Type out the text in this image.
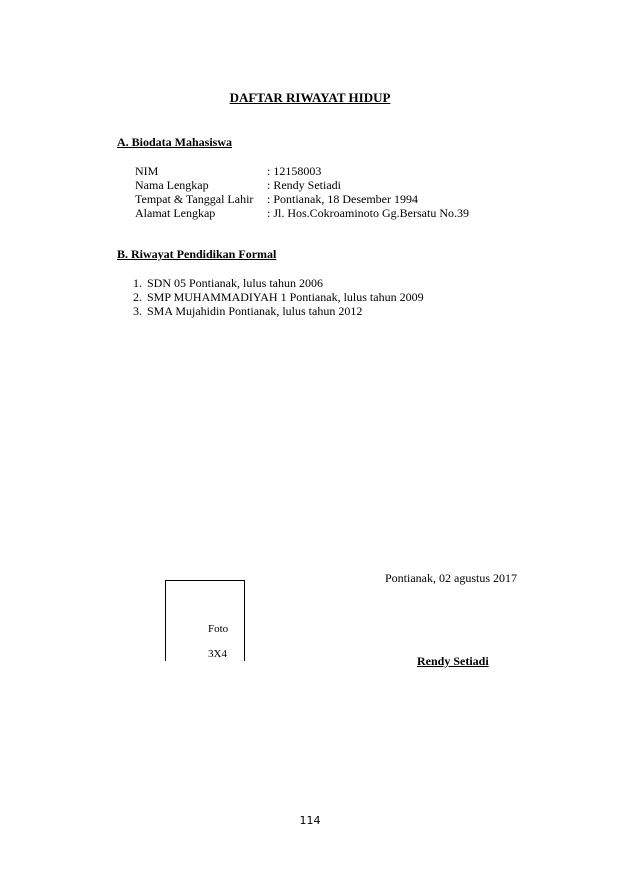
DAFTAR RIWAYAT HIDUP
A. Biodata Mahasiswa
NIM	: 12158003
Nama Lengkap	: Rendy Setiadi
Tempat & Tanggal Lahir : Pontianak, 18 Desember 1994
Alamat Lengkap	: Jl. Hos.Cokroaminoto Gg.Bersatu No.39
B. Riwayat Pendidikan Formal
1. SDN 05 Pontianak, lulus tahun 2006
2. SMP MUHAMMADIYAH 1 Pontianak, lulus tahun 2009
3. SMA Mujahidin Pontianak, lulus tahun 2012
Pontianak, 02 agustus 2017
Foto
3X4	Rendy Setiadi
114
